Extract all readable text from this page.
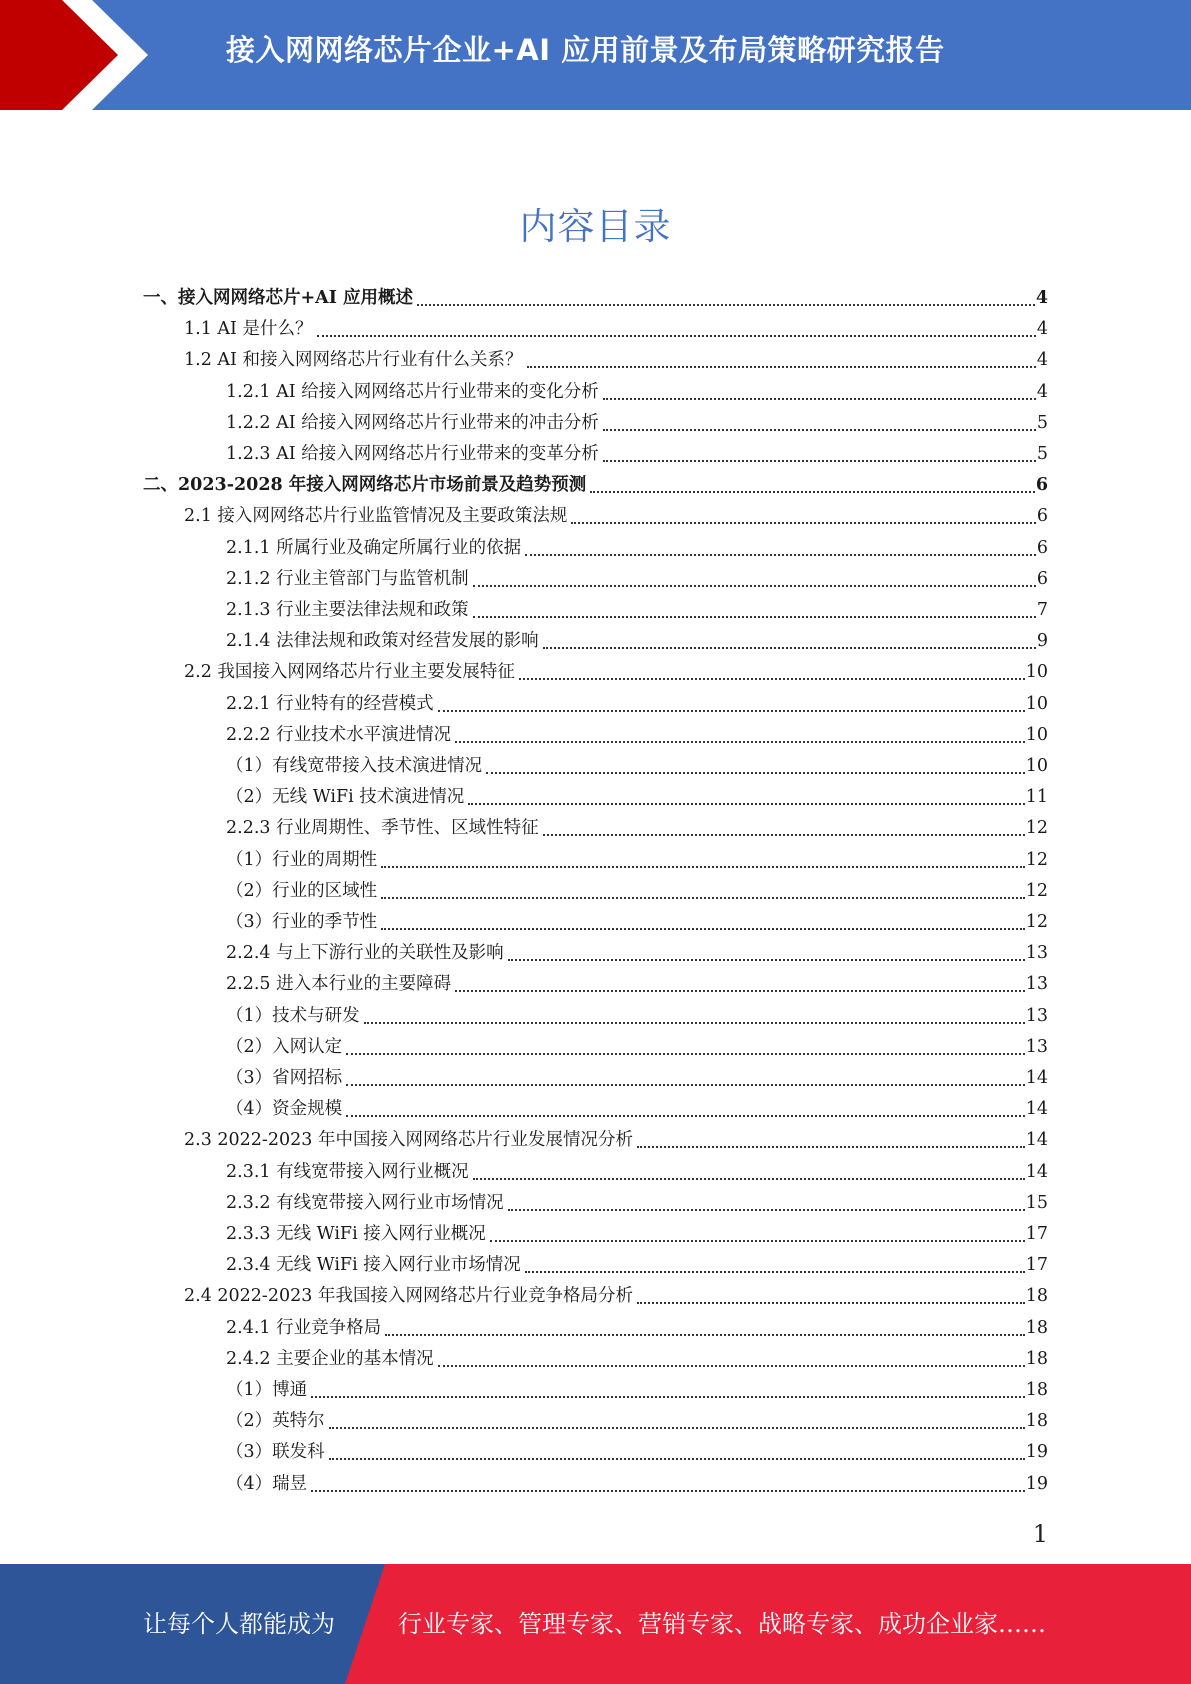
接入网网络芯片企业+AI 应用前景及布局策略研究报告
内容目录
一、接入网网络芯片+AI 应用概述	4
1.1 AI 是什么？	4
1.2 AI 和接入网网络芯片行业有什么关系？	4
1.2.1 AI 给接入网网络芯片行业带来的变化分析	4
1.2.2 AI 给接入网网络芯片行业带来的冲击分析	5
1.2.3 AI 给接入网网络芯片行业带来的变革分析	5
二、2023-2028 年接入网网络芯片市场前景及趋势预测	6
2.1 接入网网络芯片行业监管情况及主要政策法规	6
2.1.1 所属行业及确定所属行业的依据	6
2.1.2 行业主管部门与监管机制	6
2.1.3 行业主要法律法规和政策	7
2.1.4 法律法规和政策对经营发展的影响	9
2.2 我国接入网网络芯片行业主要发展特征	10
2.2.1 行业特有的经营模式	10
2.2.2 行业技术水平演进情况	10
（1）有线宽带接入技术演进情况	10
（2）无线 WiFi 技术演进情况	11
2.2.3 行业周期性、季节性、区域性特征	12
（1）行业的周期性	12
（2）行业的区域性	12
（3）行业的季节性	12
2.2.4 与上下游行业的关联性及影响	13
2.2.5 进入本行业的主要障碍	13
（1）技术与研发	13
（2）入网认定	13
（3）省网招标	14
（4）资金规模	14
2.3 2022-2023 年中国接入网网络芯片行业发展情况分析	14
2.3.1 有线宽带接入网行业概况	14
2.3.2 有线宽带接入网行业市场情况	15
2.3.3 无线 WiFi 接入网行业概况	17
2.3.4 无线 WiFi 接入网行业市场情况	17
2.4 2022-2023 年我国接入网网络芯片行业竞争格局分析	18
2.4.1 行业竞争格局	18
2.4.2 主要企业的基本情况	18
（1）博通	18
（2）英特尔	18
（3）联发科	19
（4）瑞昱	19
1
让每个人都能成为	行业专家、管理专家、营销专家、战略专家、成功企业家……
